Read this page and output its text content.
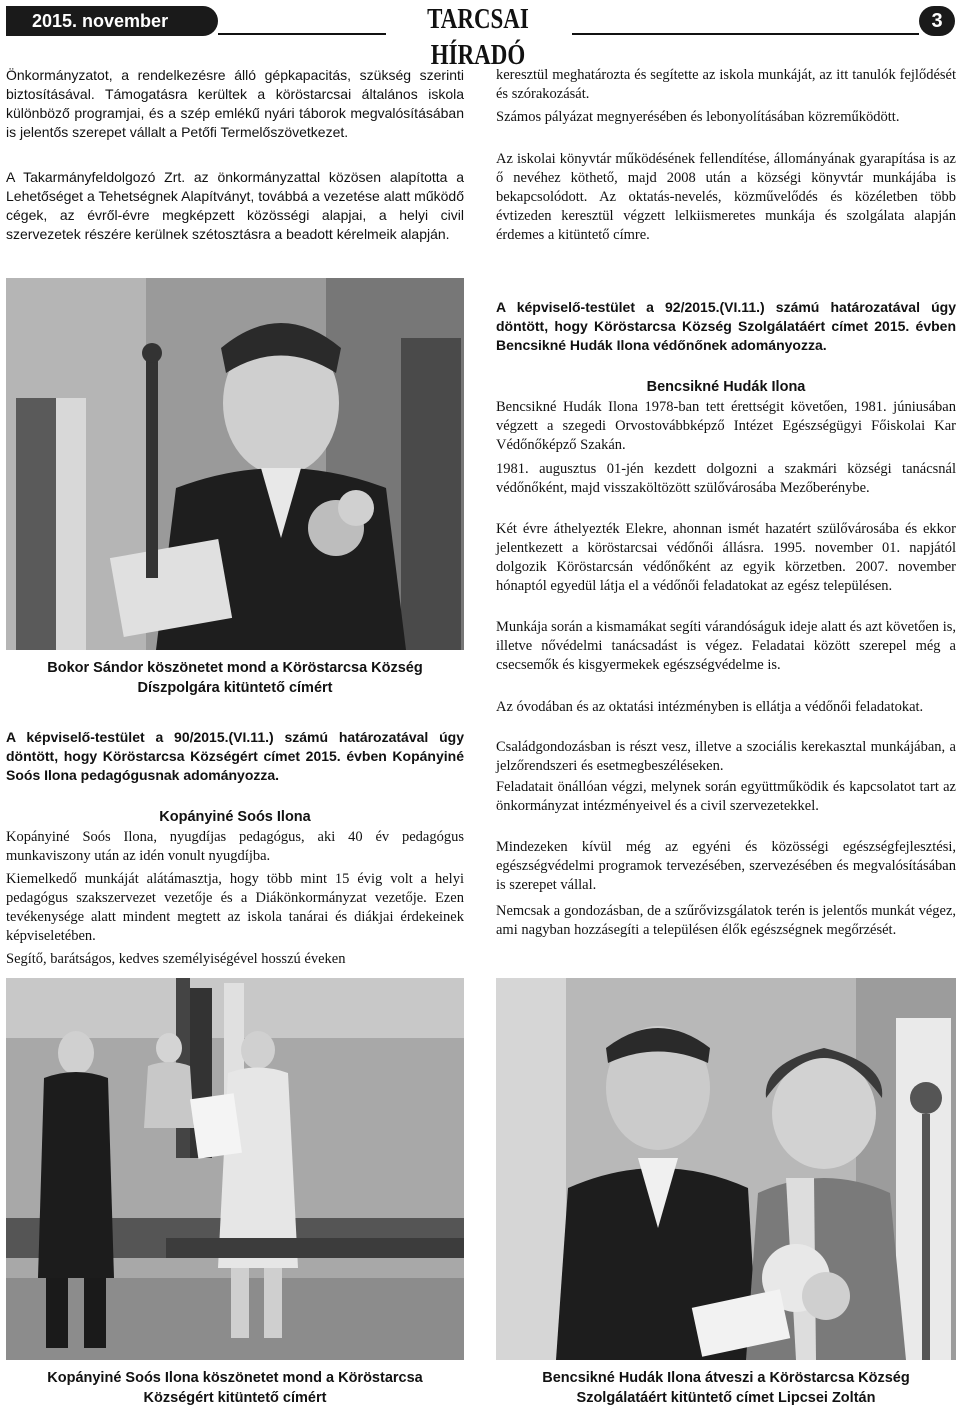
2015. november	TARCSAI HÍRADÓ
3
Önkormányzatot, a rendelkezésre álló gépkapacitás, szükség szerinti biztosításával. Támogatásra kerültek a köröstarcsai általános iskola különböző programjai, és a szép emlékű nyári táborok megvalósításában is jelentős szerepet vállalt a Petőfi Termelőszövetkezet.
A Takarmányfeldolgozó Zrt. az önkormányzattal közösen alapította a Lehetőséget a Tehetségnek Alapítványt, továbbá a vezetése alatt működő cégek, az évről-évre megképzett közösségi alapjai, a helyi civil szervezetek részére kerülnek szétosztásra a beadott kérelmeik alapján.
Bokor Sándor köszönetet mond a Köröstarcsa Község
Díszpolgára kitüntető címért
A képviselő-testület a 90/2015.(VI.11.) számú határozatával úgy döntött, hogy Köröstarcsa Községért címet 2015. évben Kopányiné Soós Ilona pedagógusnak adományozza.
Kopányiné Soós Ilona
Kopányiné Soós Ilona, nyugdíjas pedagógus, aki 40 év pedagógus munkaviszony után az idén vonult nyugdíjba.
Kiemelkedő munkáját alátámasztja, hogy több mint 15 évig volt a helyi pedagógus szakszervezet vezetője és a Diákönkormányzat vezetője. Ezen tevékenysége alatt mindent megtett az iskola tanárai és diákjai érdekeinek képviseletében.
Segítő, barátságos, kedves személyiségével hosszú éveken
keresztül meghatározta és segítette az iskola munkáját, az itt tanulók fejlődését és szórakozását.
Számos pályázat megnyerésében és lebonyolításában közreműködött.
Az iskolai könyvtár működésének fellendítése, állományának gyarapítása is az ő nevéhez köthető, majd 2008 után a községi könyvtár munkájába is bekapcsolódott. Az oktatás-nevelés, közművelődés és közéletben több évtizeden keresztül végzett lelkiismeretes munkája és szolgálata alapján érdemes a kitüntető címre.
A képviselő-testület a 92/2015.(VI.11.) számú határozatával úgy döntött, hogy Köröstarcsa Község Szolgálatáért címet 2015. évben Bencsikné Hudák Ilona védőnőnek adományozza.
Bencsikné Hudák Ilona
Bencsikné Hudák Ilona 1978-ban tett érettségit követően, 1981. júniusában végzett a szegedi Orvostovábbképző Intézet Egészségügyi Főiskolai Kar Védőnőképző Szakán.
1981. augusztus 01-jén kezdett dolgozni a szakmári községi tanácsnál védőnőként, majd visszaköltözött szülővárosába Mezőberénybe.
Két évre áthelyezték Elekre, ahonnan ismét hazatért szülővárosába és ekkor jelentkezett a köröstarcsai védőnői állásra. 1995. november 01. napjától dolgozik Köröstarcsán védőnőként az egyik körzetben. 2007. november hónaptól egyedül látja el a védőnői feladatokat az egész településen.
Munkája során a kismamákat segíti várandóságuk ideje alatt és azt követően is, illetve nővédelmi tanácsadást is végez. Feladatai között szerepel még a csecsemők és kisgyermekek egészségvédelme is.
Az óvodában és az oktatási intézményben is ellátja a védőnői feladatokat.
Családgondozásban is részt vesz, illetve a szociális kerekasztal munkájában, a jelzőrendszeri és esetmegbeszéléseken.
Feladatait önállóan végzi, melynek során együttműködik és kapcsolatot tart az önkormányzat intézményeivel és a civil szervezetekkel.
Mindezeken kívül még az egyéni és közösségi egészségfejlesztési, egészségvédelmi programok tervezésében, szervezésében és megvalósításában is szerepet vállal.
Nemcsak a gondozásban, de a szűrővizsgálatok terén is jelentős munkát végez, ami nagyban hozzásegíti a településen élők egészségnek megőrzését.
Kopányiné Soós Ilona köszönetet mond a Köröstarcsa
Községért kitüntető címért
Bencsikné Hudák Ilona átveszi a Köröstarcsa Község
Szolgálatáért kitüntető címet Lipcsei Zoltán
